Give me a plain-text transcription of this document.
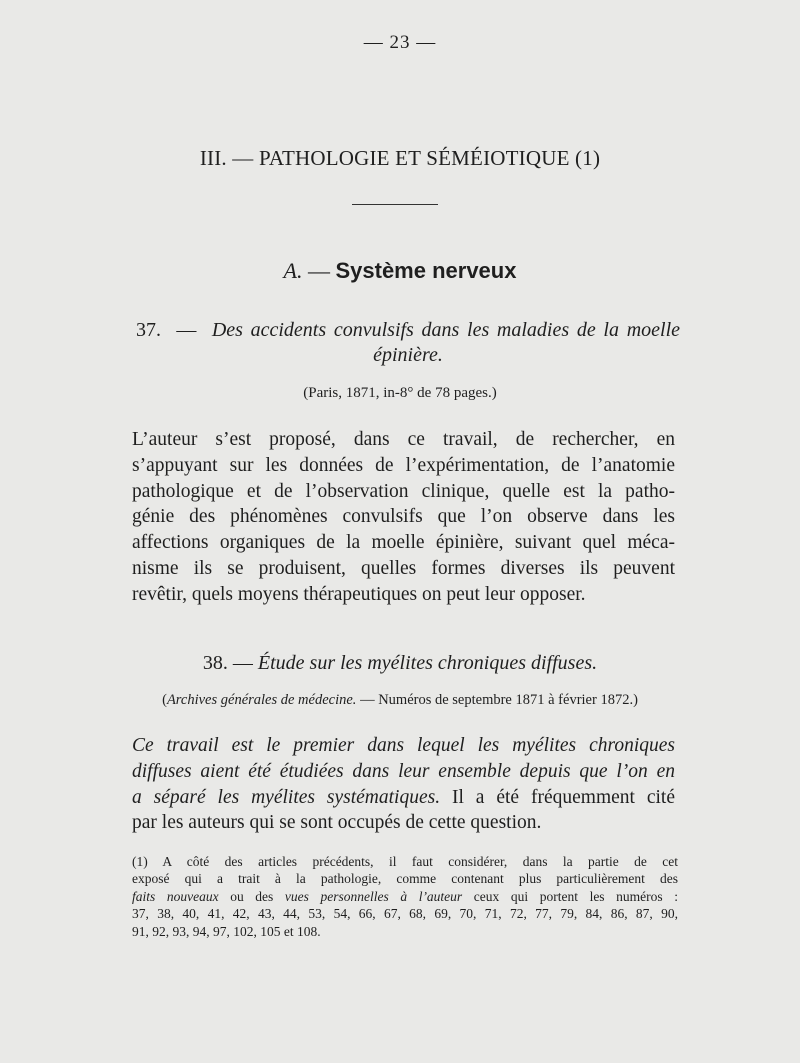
— 23 —
III. — PATHOLOGIE ET SÉMÉIOTIQUE (1)
A. — Système nerveux
37. — Des accidents convulsifs dans les maladies de la moelle
épinière.
(Paris, 1871, in-8° de 78 pages.)
L’auteur s’est proposé, dans ce travail, de rechercher, en
s’appuyant sur les données de l’expérimentation, de l’anatomie
pathologique et de l’observation clinique, quelle est la patho-
génie des phénomènes convulsifs que l’on observe dans les
affections organiques de la moelle épinière, suivant quel méca-
nisme ils se produisent, quelles formes diverses ils peuvent
revêtir, quels moyens thérapeutiques on peut leur opposer.
38. — Étude sur les myélites chroniques diffuses.
(Archives générales de médecine. — Numéros de septembre 1871 à février 1872.)
Ce travail est le premier dans lequel les myélites chroniques
diffuses aient été étudiées dans leur ensemble depuis que l’on en
a séparé les myélites systématiques. Il a été fréquemment cité
par les auteurs qui se sont occupés de cette question.
(1) A côté des articles précédents, il faut considérer, dans la partie de cet
exposé qui a trait à la pathologie, comme contenant plus particulièrement des
faits nouveaux ou des vues personnelles à l’auteur ceux qui portent les numéros :
37, 38, 40, 41, 42, 43, 44, 53, 54, 66, 67, 68, 69, 70, 71, 72, 77, 79, 84, 86, 87, 90,
91, 92, 93, 94, 97, 102, 105 et 108.
